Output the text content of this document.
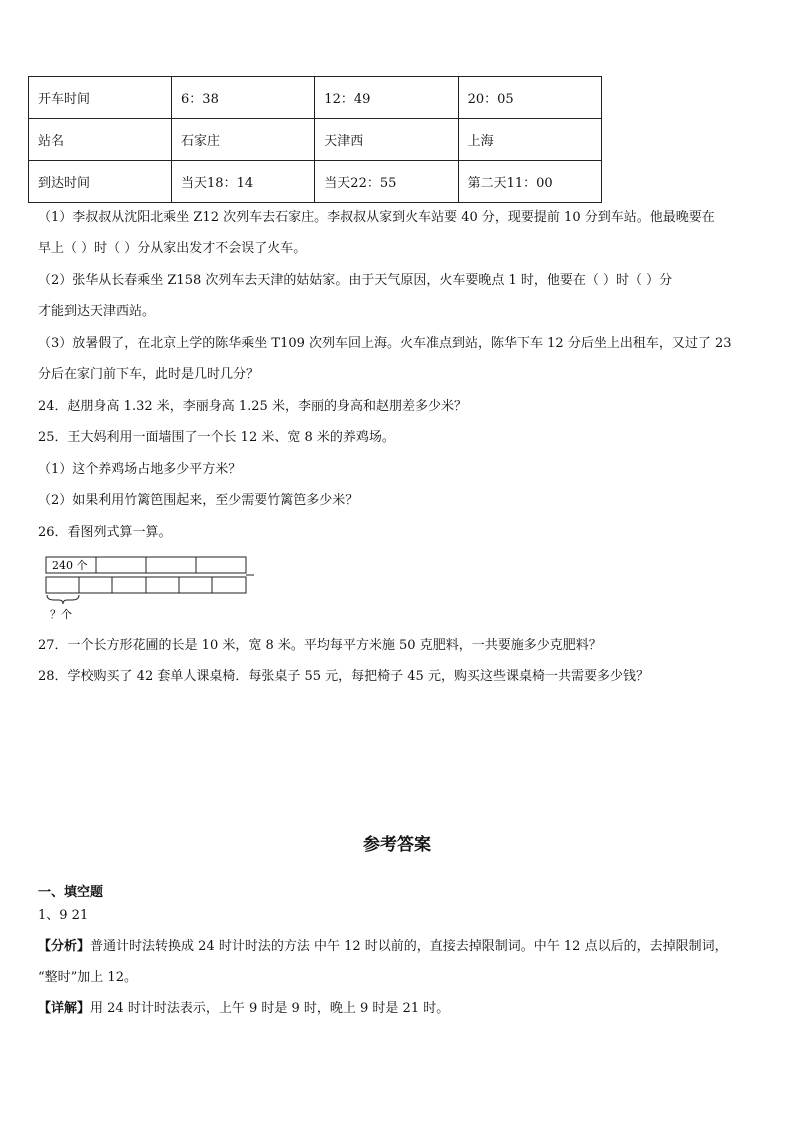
开车时间	6：38	12：49	20：05
站名	石家庄	天津西	上海
到达时间	当天18：14	当天22：55	第二天11：00
（1）李叔叔从沈阳北乘坐 Z12 次列车去石家庄。李叔叔从家到火车站要 40 分，现要提前 10 分到车站。他最晚要在
早上（ ）时（ ）分从家出发才不会误了火车。
（2）张华从长春乘坐 Z158 次列车去天津的姑姑家。由于天气原因，火车要晚点 1 时，他要在（ ）时（ ）分
才能到达天津西站。
（3）放暑假了，在北京上学的陈华乘坐 T109 次列车回上海。火车准点到站，陈华下车 12 分后坐上出租车，又过了 23
分后在家门前下车，此时是几时几分？
24．赵朋身高 1.32 米，李丽身高 1.25 米，李丽的身高和赵朋差多少米？
25．王大妈利用一面墙围了一个长 12 米、宽 8 米的养鸡场。
（1）这个养鸡场占地多少平方米？
（2）如果利用竹篱笆围起来，至少需要竹篱笆多少米？
26．看图列式算一算。
240 个
？个
27．一个长方形花圃的长是 10 米，宽 8 米。平均每平方米施 50 克肥料，一共要施多少克肥料？
28．学校购买了 42 套单人课桌椅．每张桌子 55 元，每把椅子 45 元，购买这些课桌椅一共需要多少钱？
参考答案
一、填空题
1、9 21
【分析】普通计时法转换成 24 时计时法的方法 中午 12 时以前的，直接去掉限制词。中午 12 点以后的，去掉限制词，
“整时”加上 12。
【详解】用 24 时计时法表示，上午 9 时是 9 时，晚上 9 时是 21 时。
